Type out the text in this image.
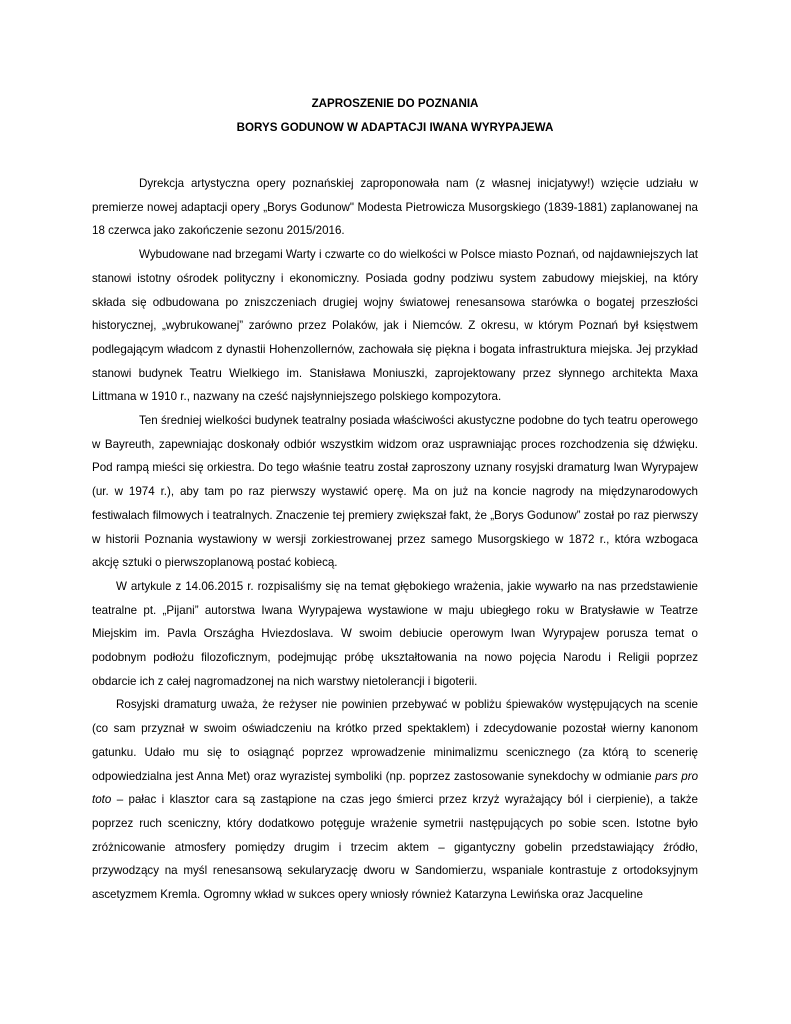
ZAPROSZENIE DO POZNANIA

BORYS GODUNOW W ADAPTACJI IWANA WYRYPAJEWA

Dyrekcja artystyczna opery poznańskiej zaproponowała nam (z własnej inicjatywy!) wzięcie udziału w premierze nowej adaptacji opery „Borys Godunow" Modesta Pietrowicza Musorgskiego (1839-1881) zaplanowanej na 18 czerwca jako zakończenie sezonu 2015/2016.

Wybudowane nad brzegami Warty i czwarte co do wielkości w Polsce miasto Poznań, od najdawniejszych lat stanowi istotny ośrodek polityczny i ekonomiczny. Posiada godny podziwu system zabudowy miejskiej, na który składa się odbudowana po zniszczeniach drugiej wojny światowej renesansowa starówka o bogatej przeszłości historycznej, „wybrukowanej” zarówno przez Polaków, jak i Niemców. Z okresu, w którym Poznań był księstwem podlegającym władcom z dynastii Hohenzollernów, zachowała się piękna i bogata infrastruktura miejska. Jej przykład stanowi budynek Teatru Wielkiego im. Stanisława Moniuszki, zaprojektowany przez słynnego architekta Maxa Littmana w 1910 r., nazwany na cześć najsłynniejszego polskiego kompozytora.

Ten średniej wielkości budynek teatralny posiada właściwości akustyczne podobne do tych teatru operowego w Bayreuth, zapewniając doskonały odbiór wszystkim widzom oraz usprawniając proces rozchodzenia się dźwięku. Pod rampą mieści się orkiestra. Do tego właśnie teatru został zaproszony uznany rosyjski dramaturg Iwan Wyrypajew (ur. w 1974 r.), aby tam po raz pierwszy wystawić operę. Ma on już na koncie nagrody na międzynarodowych festiwalach filmowych i teatralnych. Znaczenie tej premiery zwiększał fakt, że „Borys Godunow” został po raz pierwszy w historii Poznania wystawiony w wersji zorkiestrowanej przez samego Musorgskiego w 1872 r., która wzbogaca akcję sztuki o pierwszoplanową postać kobiecą.

W artykule z 14.06.2015 r. rozpisaliśmy się na temat głębokiego wrażenia, jakie wywarło na nas przedstawienie teatralne pt. „Pijani” autorstwa Iwana Wyrypajewa wystawione w maju ubiegłego roku w Bratysławie w Teatrze Miejskim im. Pavla Országha Hviezdoslava. W swoim debiucie operowym Iwan Wyrypajew porusza temat o podobnym podłożu filozoficznym, podejmując próbę ukształtowania na nowo pojęcia Narodu i Religii poprzez obdarcie ich z całej nagromadzonej na nich warstwy nietolerancji i bigoterii.

Rosyjski dramaturg uważa, że reżyser nie powinien przebywać w pobliżu śpiewaków występujących na scenie (co sam przyznał w swoim oświadczeniu na krótko przed spektaklem) i zdecydowanie pozostał wierny kanonom gatunku. Udało mu się to osiągnąć poprzez wprowadzenie minimalizmu scenicznego (za którą to scenerię odpowiedzialna jest Anna Met) oraz wyrazistej symboliki (np. poprzez zastosowanie synekdochy w odmianie pars pro toto – pałac i klasztor cara są zastąpione na czas jego śmierci przez krzyż wyrażający ból i cierpienie), a także poprzez ruch sceniczny, który dodatkowo potęguje wrażenie symetrii następujących po sobie scen. Istotne było zróżnicowanie atmosfery pomiędzy drugim i trzecim aktem – gigantyczny gobelin przedstawiający źródło, przywodzący na myśl renesansową sekularyzację dworu w Sandomierzu, wspaniale kontrastuje z ortodoksyjnym ascetyzmem Kremla. Ogromny wkład w sukces opery wniosły również Katarzyna Lewińska oraz Jacqueline
